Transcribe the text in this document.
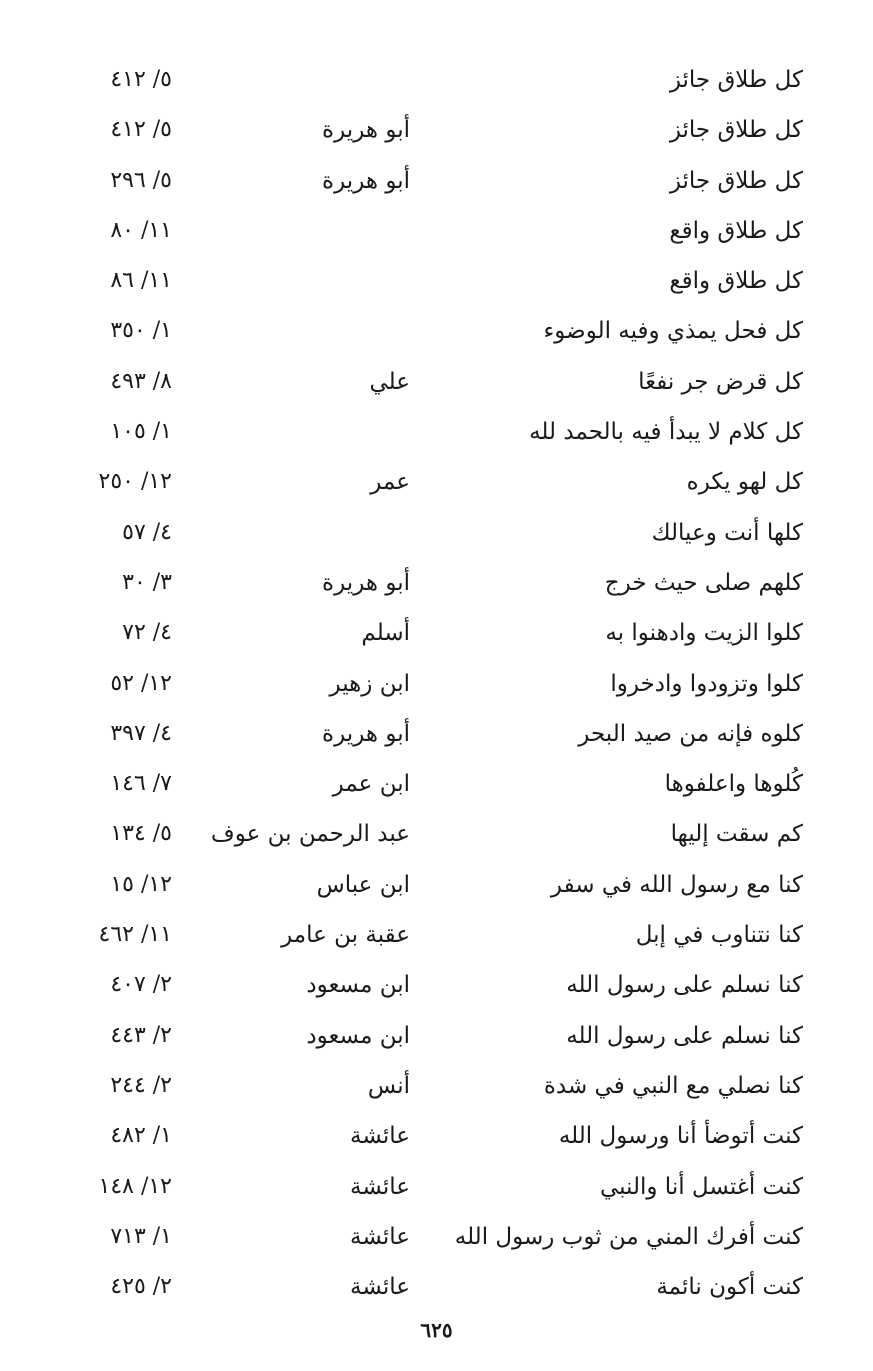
كل طلاق جائز
٥/ ٤١٢
كل طلاق جائز
أبو هريرة
٥/ ٤١٢
كل طلاق جائز
أبو هريرة
٥/ ٢٩٦
كل طلاق واقع
١١/ ٨٠
كل طلاق واقع
١١/ ٨٦
كل فحل يمذي وفيه الوضوء
١/ ٣٥٠
كل قرض جر نفعًا
علي
٨/ ٤٩٣
كل كلام لا يبدأ فيه بالحمد لله
١/ ١٠٥
كل لهو يكره
عمر
١٢/ ٢٥٠
كلها أنت وعيالك
٤/ ٥٧
كلهم صلى حيث خرج
أبو هريرة
٣/ ٣٠
كلوا الزيت وادهنوا به
أسلم
٤/ ٧٢
كلوا وتزودوا وادخروا
ابن زهير
١٢/ ٥٢
كلوه فإنه من صيد البحر
أبو هريرة
٤/ ٣٩٧
كُلوها واعلفوها
ابن عمر
٧/ ١٤٦
كم سقت إليها
عبد الرحمن بن عوف
٥/ ١٣٤
كنا مع رسول الله في سفر
ابن عباس
١٢/ ١٥
كنا نتناوب في إبل
عقبة بن عامر
١١/ ٤٦٢
كنا نسلم على رسول الله
ابن مسعود
٢/ ٤٠٧
كنا نسلم على رسول الله
ابن مسعود
٢/ ٤٤٣
كنا نصلي مع النبي في شدة
أنس
٢/ ٢٤٤
كنت أتوضأ أنا ورسول الله
عائشة
١/ ٤٨٢
كنت أغتسل أنا والنبي
عائشة
١٢/ ١٤٨
كنت أفرك المني من ثوب رسول الله
عائشة
١/ ٧١٣
كنت أكون نائمة
عائشة
٢/ ٤٢٥
٦٢٥
